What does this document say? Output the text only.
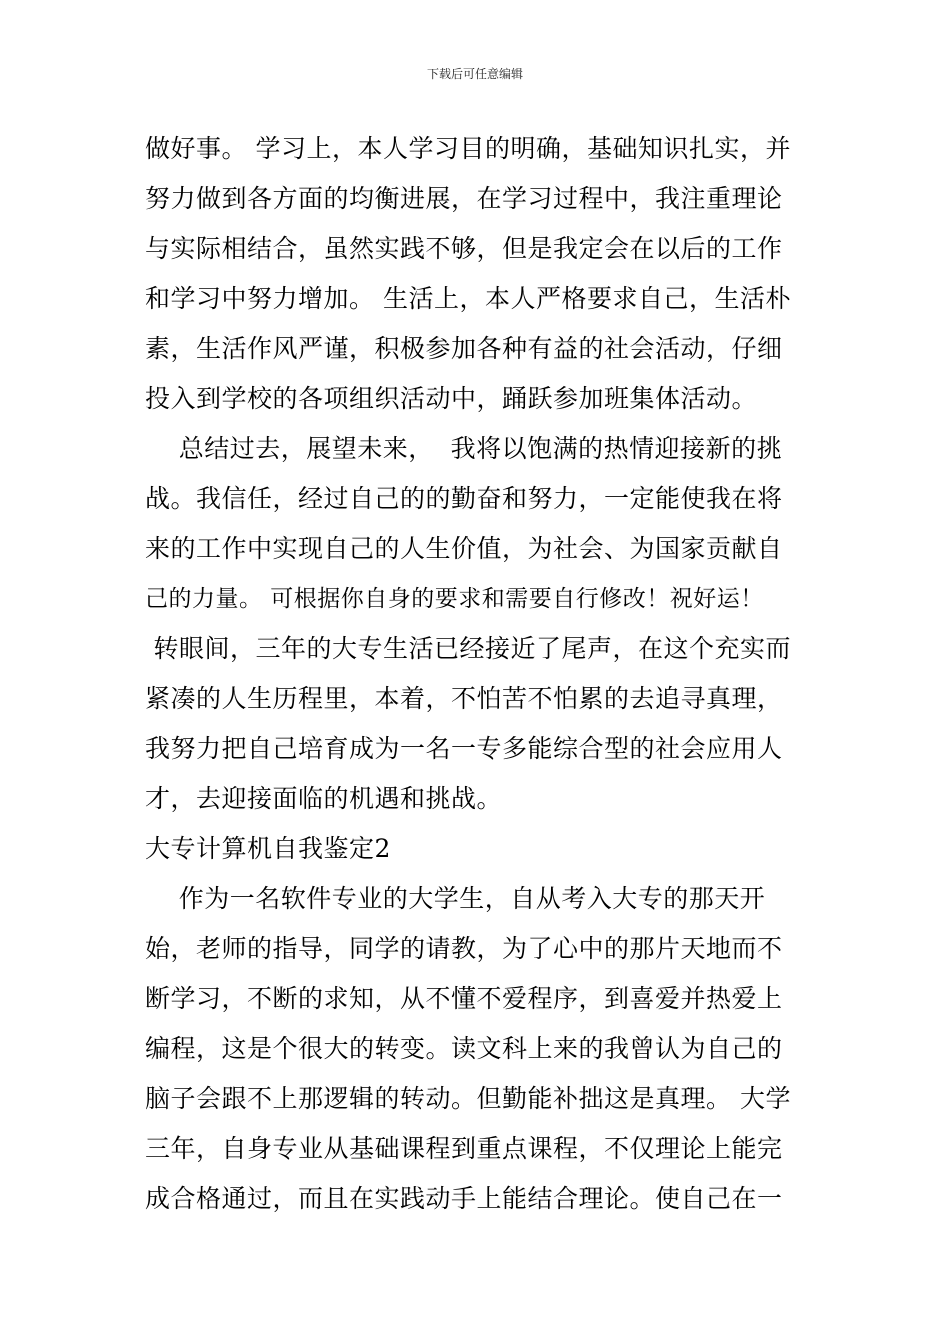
下载后可任意编辑
做好事。 学习上，本人学习目的明确，基础知识扎实，并
努力做到各方面的均衡进展，在学习过程中，我注重理论
与实际相结合，虽然实践不够，但是我定会在以后的工作
和学习中努力增加。 生活上，本人严格要求自己，生活朴
素，生活作风严谨，积极参加各种有益的社会活动，仔细
投入到学校的各项组织活动中，踊跃参加班集体活动。
总结过去，展望未来，  我将以饱满的热情迎接新的挑
战。我信任，经过自己的的勤奋和努力，一定能使我在将
来的工作中实现自己的人生价值，为社会、为国家贡献自
己的力量。 可根据你自身的要求和需要自行修改！祝好运！
转眼间，三年的大专生活已经接近了尾声，在这个充实而
紧凑的人生历程里，本着，不怕苦不怕累的去追寻真理，
我努力把自己培育成为一名一专多能综合型的社会应用人
才，去迎接面临的机遇和挑战。
大专计算机自我鉴定2
作为一名软件专业的大学生，自从考入大专的那天开
始，老师的指导，同学的请教，为了心中的那片天地而不
断学习，不断的求知，从不懂不爱程序，到喜爱并热爱上
编程，这是个很大的转变。读文科上来的我曾认为自己的
脑子会跟不上那逻辑的转动。但勤能补拙这是真理。 大学
三年，自身专业从基础课程到重点课程，不仅理论上能完
成合格通过，而且在实践动手上能结合理论。使自己在一
